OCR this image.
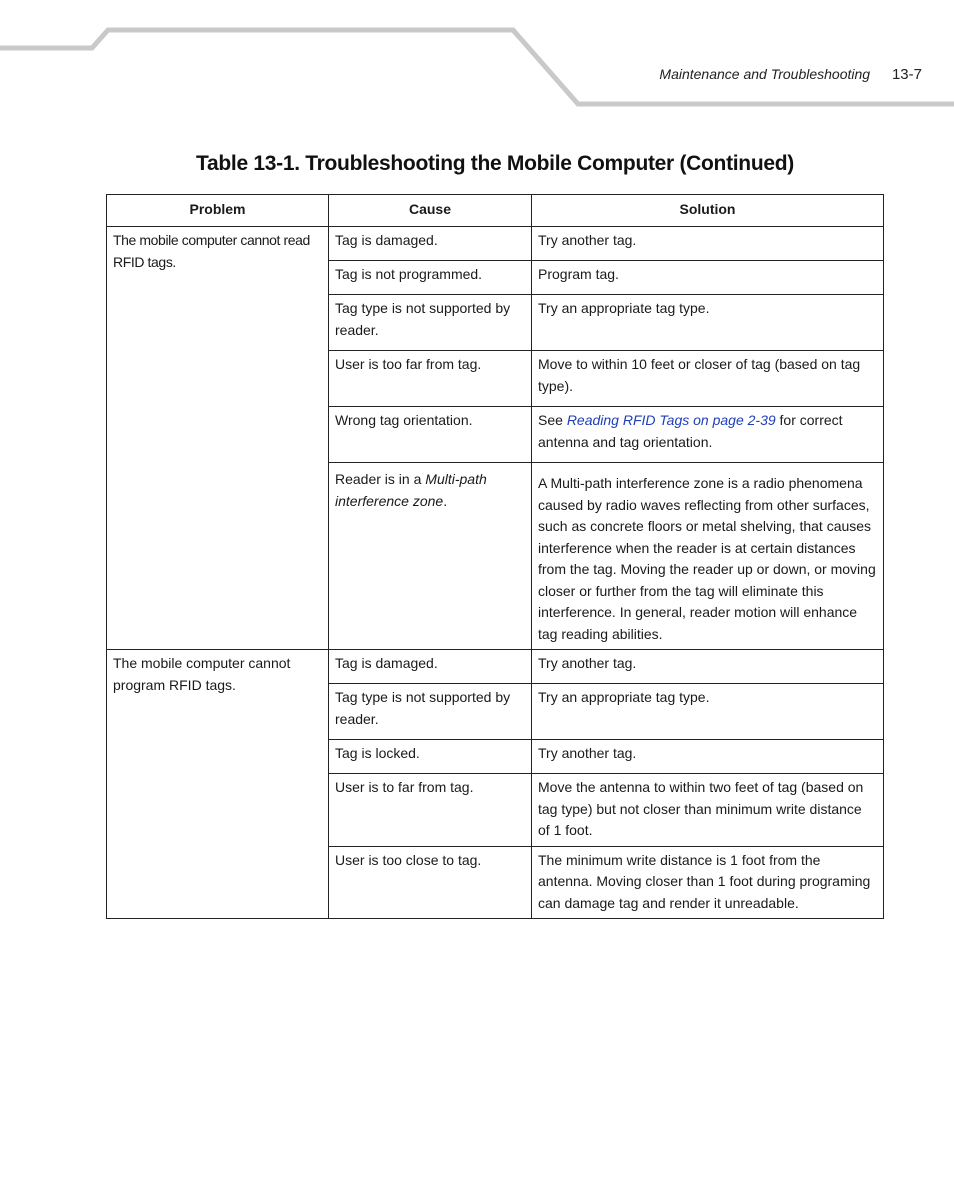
Maintenance and Troubleshooting 13-7
Table 13-1. Troubleshooting the Mobile Computer (Continued)
Problem	Cause	Solution
The mobile computer cannot read RFID tags.	Tag is damaged.	Try another tag.
	Tag is not programmed.	Program tag.
	Tag type is not supported by reader.	Try an appropriate tag type.
	User is too far from tag.	Move to within 10 feet or closer of tag (based on tag type).
	Wrong tag orientation.	See Reading RFID Tags on page 2-39 for correct antenna and tag orientation.
	Reader is in a Multi-path interference zone.	A Multi-path interference zone is a radio phenomena caused by radio waves reflecting from other surfaces, such as concrete floors or metal shelving, that causes interference when the reader is at certain distances from the tag. Moving the reader up or down, or moving closer or further from the tag will eliminate this interference. In general, reader motion will enhance tag reading abilities.

The mobile computer cannot program RFID tags.	Tag is damaged.	Try another tag.
	Tag type is not supported by reader.	Try an appropriate tag type.
	Tag is locked.	Try another tag.
	User is to far from tag.	Move the antenna to within two feet of tag (based on tag type) but not closer than minimum write distance of 1 foot.
	User is too close to tag.	The minimum write distance is 1 foot from the antenna. Moving closer than 1 foot during programing can damage tag and render it unreadable.
